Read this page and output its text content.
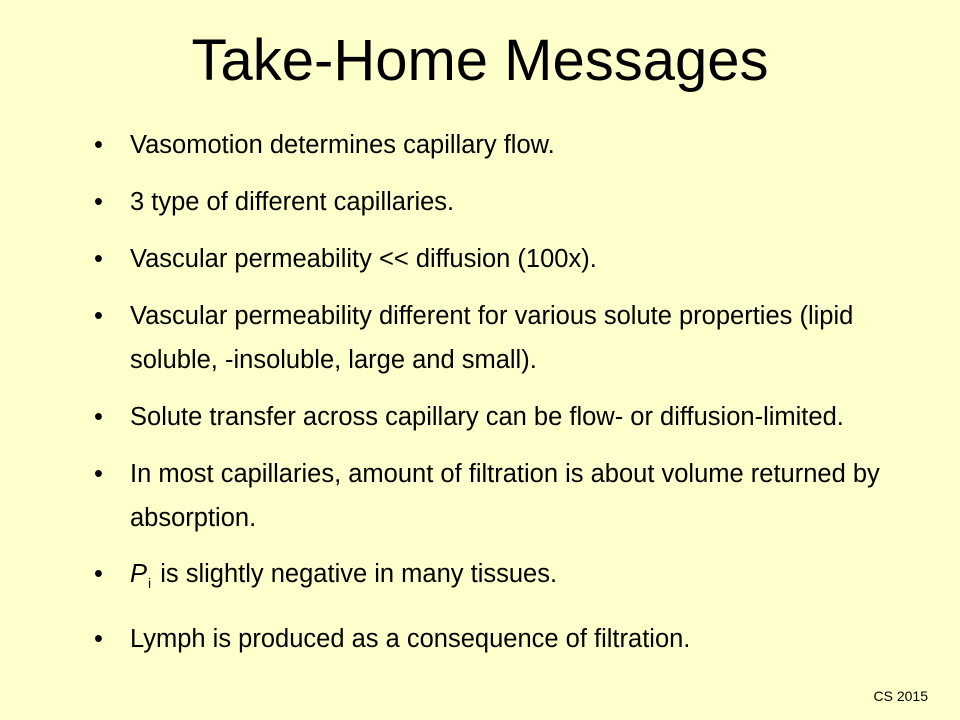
Take-Home Messages
• Vasomotion determines capillary flow.
• 3 type of different capillaries.
• Vascular permeability << diffusion (100x).
• Vascular permeability different for various solute properties (lipid soluble, -insoluble, large and small).
• Solute transfer across capillary can be flow- or diffusion-limited.
• In most capillaries, amount of filtration is about volume returned by absorption.
• $P_i$ is slightly negative in many tissues.
• Lymph is produced as a consequence of filtration.
CS 2015
